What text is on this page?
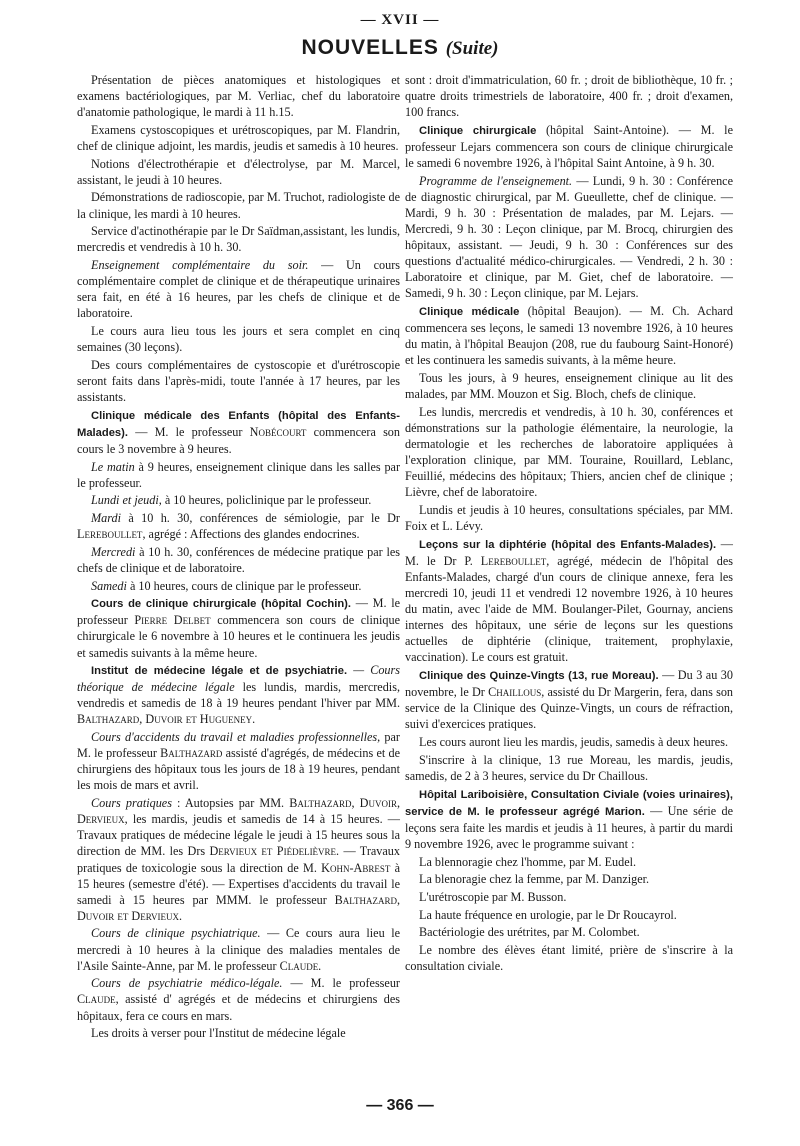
— XVII —
NOUVELLES (Suite)

Présentation de pièces anatomiques et histologiques et examens bactériologiques, par M. Verliac, chef du laboratoire d'anatomie pathologique, le mardi à 11 h.15.

Examens cystoscopiques et urétroscopiques, par M. Flandrin, chef de clinique adjoint, les mardis, jeudis et samedis à 10 heures.

Notions d'électrothérapie et d'électrolyse, par M. Marcel, assistant, le jeudi à 10 heures.

Démonstrations de radioscopie, par M. Truchot, radiologiste de la clinique, les mardi à 10 heures.

Service d'actinothérapie par le Dr Saïdman,assistant, les lundis, mercredis et vendredis à 10 h. 30.

Enseignement complémentaire du soir. — Un cours complémentaire complet de clinique et de thérapeutique urinaires sera fait, en été à 16 heures, par les chefs de clinique et de laboratoire.

Le cours aura lieu tous les jours et sera complet en cinq semaines (30 leçons).

Des cours complémentaires de cystoscopie et d'urétroscopie seront faits dans l'après-midi, toute l'année à 17 heures, par les assistants.

Clinique médicale des Enfants (hôpital des Enfants-Malades). — M. le professeur Nobécourt commencera son cours le 3 novembre à 9 heures.

Le matin à 9 heures, enseignement clinique dans les salles par le professeur.

Lundi et jeudi, à 10 heures, policlinique par le professeur.

Mardi à 10 h. 30, conférences de sémiologie, par le Dr Lereboullet, agrégé : Affections des glandes endocrines.

Mercredi à 10 h. 30, conférences de médecine pratique par les chefs de clinique et de laboratoire.

Samedi à 10 heures, cours de clinique par le professeur.

Cours de clinique chirurgicale (hôpital Cochin). — M. le professeur Pierre Delbet commencera son cours de clinique chirurgicale le 6 novembre à 10 heures et le continuera les jeudis et samedis suivants à la même heure.

Institut de médecine légale et de psychiatrie. — Cours théorique de médecine légale les lundis, mardis, mercredis, vendredis et samedis de 18 à 19 heures pendant l'hiver par MM. Balthazard, Duvoir et Hugueney.

Cours d'accidents du travail et maladies professionnelles, par M. le professeur Balthazard assisté d'agrégés, de médecins et de chirurgiens des hôpitaux tous les jours de 18 à 19 heures, pendant les mois de mars et avril.

Cours pratiques : Autopsies par MM. Balthazard, Duvoir, Dervieux, les mardis, jeudis et samedis de 14 à 15 heures. — Travaux pratiques de médecine légale le jeudi à 15 heures sous la direction de MM. les Drs Dervieux et Piédelièvre. — Travaux pratiques de toxicologie sous la direction de M. Kohn-Abrest à 15 heures (semestre d'été). — Expertises d'accidents du travail le samedi à 15 heures par MMM. le professeur Balthazard, Duvoir et Dervieux.

Cours de clinique psychiatrique. — Ce cours aura lieu le mercredi à 10 heures à la clinique des maladies mentales de l'Asile Sainte-Anne, par M. le professeur Claude.

Cours de psychiatrie médico-légale. — M. le professeur Claude, assisté d' agrégés et de médecins et chirurgiens des hôpitaux, fera ce cours en mars.

Les droits à verser pour l'Institut de médecine légale

sont : droit d'immatriculation, 60 fr. ; droit de bibliothèque, 10 fr. ; quatre droits trimestriels de laboratoire, 400 fr. ; droit d'examen, 100 francs.

Clinique chirurgicale (hôpital Saint-Antoine). — M. le professeur Lejars commencera son cours de clinique chirurgicale le samedi 6 novembre 1926, à l'hôpital Saint Antoine, à 9 h. 30.

Programme de l'enseignement. — Lundi, 9 h. 30 : Conférence de diagnostic chirurgical, par M. Gueullette, chef de clinique. — Mardi, 9 h. 30 : Présentation de malades, par M. Lejars. — Mercredi, 9 h. 30 : Leçon clinique, par M. Brocq, chirurgien des hôpitaux, assistant. — Jeudi, 9 h. 30 : Conférences sur des questions d'actualité médico-chirurgicales. — Vendredi, 2 h. 30 : Laboratoire et clinique, par M. Giet, chef de laboratoire. — Samedi, 9 h. 30 : Leçon clinique, par M. Lejars.

Clinique médicale (hôpital Beaujon). — M. Ch. Achard commencera ses leçons, le samedi 13 novembre 1926, à 10 heures du matin, à l'hôpital Beaujon (208, rue du faubourg Saint-Honoré) et les continuera les samedis suivants, à la même heure.

Tous les jours, à 9 heures, enseignement clinique au lit des malades, par MM. Mouzon et Sig. Bloch, chefs de clinique.

Les lundis, mercredis et vendredis, à 10 h. 30, conférences et démonstrations sur la pathologie élémentaire, la neurologie, la dermatologie et les recherches de laboratoire appliquées à l'exploration clinique, par MM. Touraine, Rouillard, Leblanc, Feuillié, médecins des hôpitaux; Thiers, ancien chef de clinique ; Lièvre, chef de laboratoire.

Lundis et jeudis à 10 heures, consultations spéciales, par MM. Foix et L. Lévy.

Leçons sur la diphtérie (hôpital des Enfants-Malades). — M. le Dr P. Lereboullet, agrégé, médecin de l'hôpital des Enfants-Malades, chargé d'un cours de clinique annexe, fera les mercredi 10, jeudi 11 et vendredi 12 novembre 1926, à 10 heures du matin, avec l'aide de MM. Boulanger-Pilet, Gournay, anciens internes des hôpitaux, une série de leçons sur les questions actuelles de diphtérie (clinique, traitement, prophylaxie, vaccination). Le cours est gratuit.

Clinique des Quinze-Vingts (13, rue Moreau). — Du 3 au 30 novembre, le Dr Chaillous, assisté du Dr Margerin, fera, dans son service de la Clinique des Quinze-Vingts, un cours de réfraction, suivi d'exercices pratiques.

Les cours auront lieu les mardis, jeudis, samedis à deux heures.

S'inscrire à la clinique, 13 rue Moreau, les mardis, jeudis, samedis, de 2 à 3 heures, service du Dr Chaillous.

Hôpital Lariboisière, Consultation Civiale (voies urinaires), service de M. le professeur agrégé Marion. — Une série de leçons sera faite les mardis et jeudis à 11 heures, à partir du mardi 9 novembre 1926, avec le programme suivant :

La blennoragie chez l'homme, par M. Eudel.

La blenoragie chez la femme, par M. Danziger.

L'urétroscopie par M. Busson.

La haute fréquence en urologie, par le Dr Roucayrol.

Bactériologie des urétrites, par M. Colombet.

Le nombre des élèves étant limité, prière de s'inscrire à la consultation civiale.

— 366 —
